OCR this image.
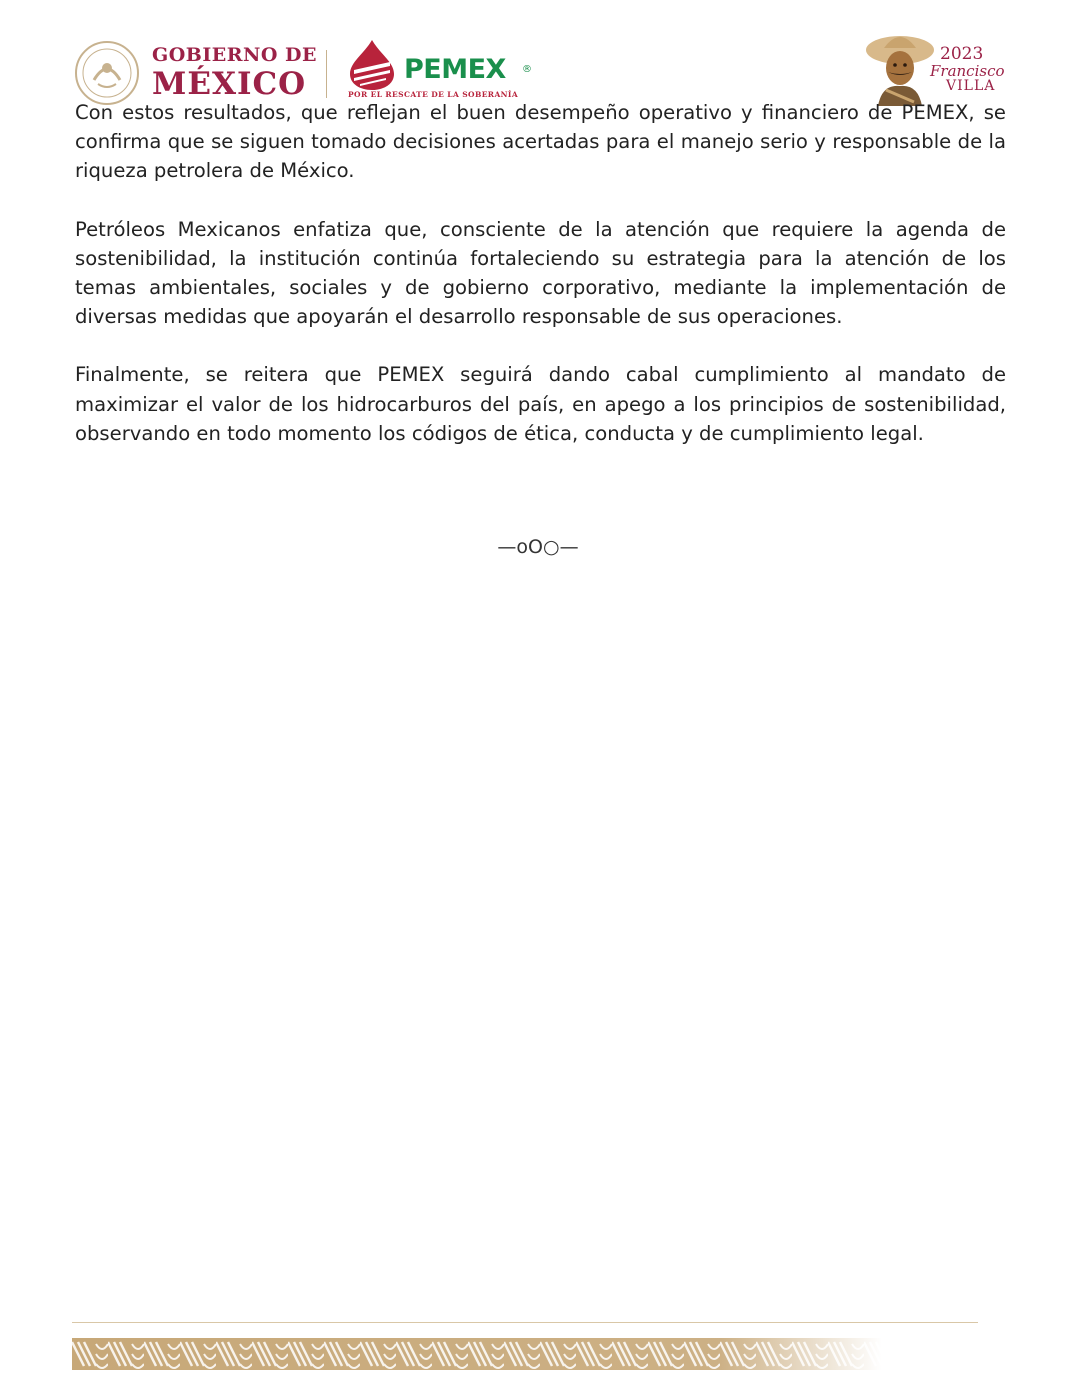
GOBIERNO DE
MÉXICO	PEMEX ®
POR EL RESCATE DE LA SOBERANÍA
2023
Francisco
VILLA

Con estos resultados, que reflejan el buen desempeño operativo y financiero de PEMEX, se confirma que se siguen tomado decisiones acertadas para el manejo serio y responsable de la riqueza petrolera de México.

Petróleos Mexicanos enfatiza que, consciente de la atención que requiere la agenda de sostenibilidad, la institución continúa fortaleciendo su estrategia para la atención de los temas ambientales, sociales y de gobierno corporativo, mediante la implementación de diversas medidas que apoyarán el desarrollo responsable de sus operaciones.

Finalmente, se reitera que PEMEX seguirá dando cabal cumplimiento al mandato de maximizar el valor de los hidrocarburos del país, en apego a los principios de sostenibilidad, observando en todo momento los códigos de ética, conducta y de cumplimiento legal.

—oO○—
